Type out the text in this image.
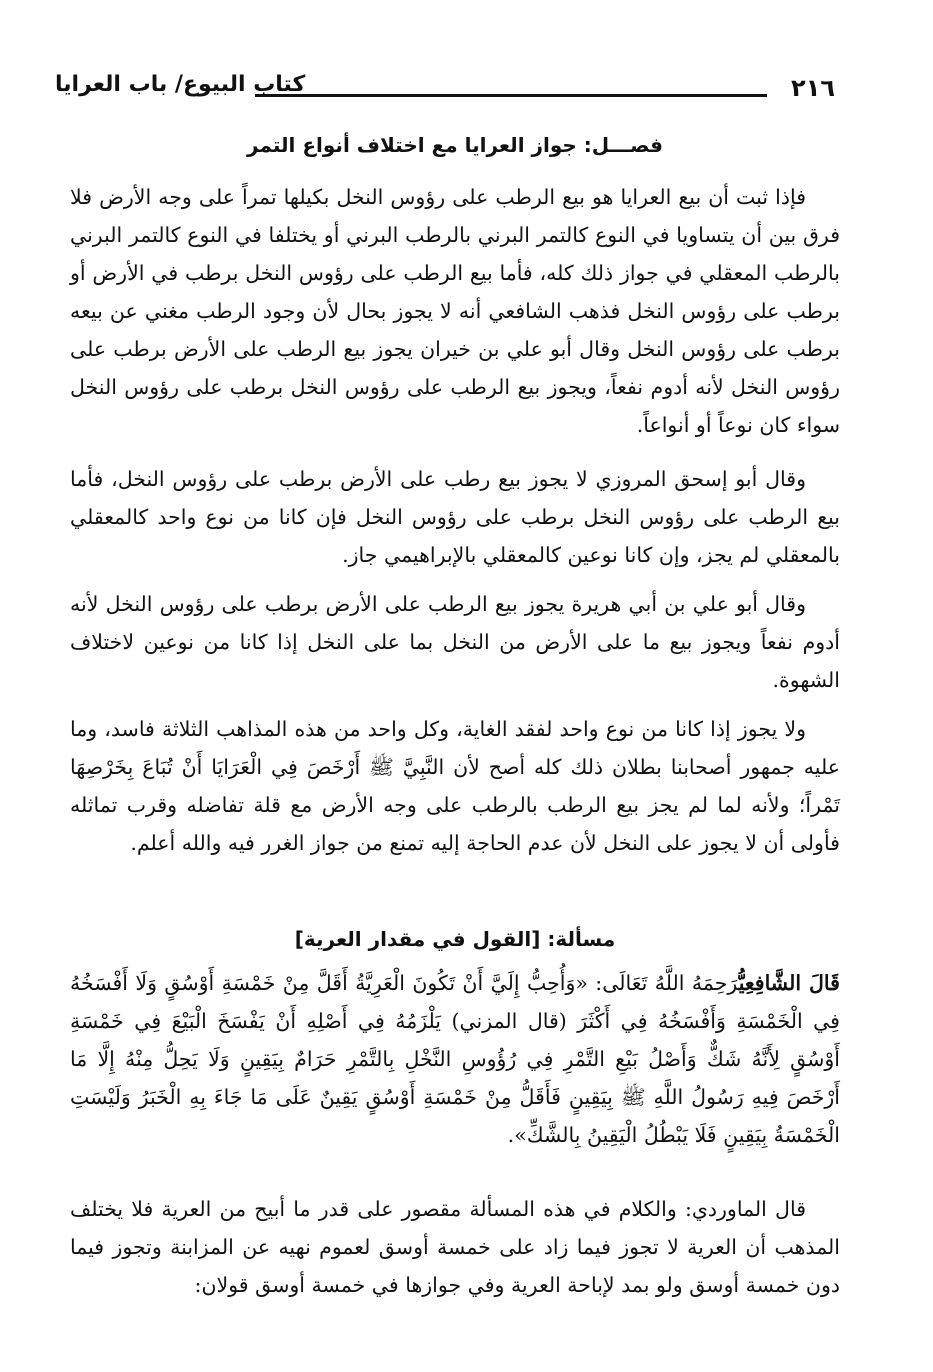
٢١٦
كتاب البيوع/ باب العرايا
فصـــل: جواز العرايا مع اختلاف أنواع التمر
فإذا ثبت أن بيع العرايا هو بيع الرطب على رؤوس النخل بكيلها تمراً على وجه الأرض فلا فرق بين أن يتساويا في النوع كالتمر البرني بالرطب البرني أو يختلفا في النوع كالتمر البرني بالرطب المعقلي في جواز ذلك كله، فأما بيع الرطب على رؤوس النخل برطب في الأرض أو برطب على رؤوس النخل فذهب الشافعي أنه لا يجوز بحال لأن وجود الرطب مغني عن بيعه برطب على رؤوس النخل وقال أبو علي بن خيران يجوز بيع الرطب على الأرض برطب على رؤوس النخل لأنه أدوم نفعاً، ويجوز بيع الرطب على رؤوس النخل برطب على رؤوس النخل سواء كان نوعاً أو أنواعاً.
وقال أبو إسحق المروزي لا يجوز بيع رطب على الأرض برطب على رؤوس النخل، فأما بيع الرطب على رؤوس النخل برطب على رؤوس النخل فإن كانا من نوع واحد كالمعقلي بالمعقلي لم يجز، وإن كانا نوعين كالمعقلي بالإبراهيمي جاز.
وقال أبو علي بن أبي هريرة يجوز بيع الرطب على الأرض برطب على رؤوس النخل لأنه أدوم نفعاً ويجوز بيع ما على الأرض من النخل بما على النخل إذا كانا من نوعين لاختلاف الشهوة.
ولا يجوز إذا كانا من نوع واحد لفقد الغاية، وكل واحد من هذه المذاهب الثلاثة فاسد، وما عليه جمهور أصحابنا بطلان ذلك كله أصح لأن النَّبِيَّ ﷺ أَرْخَصَ فِي الْعَرَايَا أَنْ تُبَاعَ بِخَرْصِهَا تَمْراً؛ ولأنه لما لم يجز بيع الرطب بالرطب على وجه الأرض مع قلة تفاضله وقرب تماثله فأولى أن لا يجوز على النخل لأن عدم الحاجة إليه تمنع من جواز الغرر فيه والله أعلم.
مسألة: [القول في مقدار العرية]
قَالَ الشَّافِعِيُّرَحِمَهُ اللَّهُ تَعَالَى: «وَأُحِبُّ إِلَيَّ أَنْ تَكُونَ الْعَرِيَّةُ أَقَلَّ مِنْ خَمْسَةِ أَوْسُقٍ وَلَا أَفْسَخُهُ فِي الْخَمْسَةِ وَأَفْسَخُهُ فِي أَكْثَرَ (قال المزني) يَلْزَمُهُ فِي أَصْلِهِ أَنْ يَفْسَخَ الْبَيْعَ فِي خَمْسَةِ أَوْسُقٍ لِأَنَّهُ شَكٌّ وَأَصْلُ بَيْعِ التَّمْرِ فِي رُؤُوسِ النَّخْلِ بِالتَّمْرِ حَرَامٌ بِيَقِينٍ وَلَا يَحِلُّ مِنْهُ إِلَّا مَا أَرْخَصَ فِيهِ رَسُولُ اللَّهِ ﷺ بِيَقِينٍ فَأَقَلُّ مِنْ خَمْسَةِ أَوْسُقٍ يَقِينٌ عَلَى مَا جَاءَ بِهِ الْخَبَرُ وَلَيْسَتِ الْخَمْسَةُ بِيَقِينٍ فَلَا يَبْطُلُ الْيَقِينُ بِالشَّكِّ».
قال الماوردي: والكلام في هذه المسألة مقصور على قدر ما أبيح من العرية فلا يختلف المذهب أن العرية لا تجوز فيما زاد على خمسة أوسق لعموم نهيه عن المزابنة وتجوز فيما دون خمسة أوسق ولو بمد لإباحة العرية وفي جوازها في خمسة أوسق قولان:
